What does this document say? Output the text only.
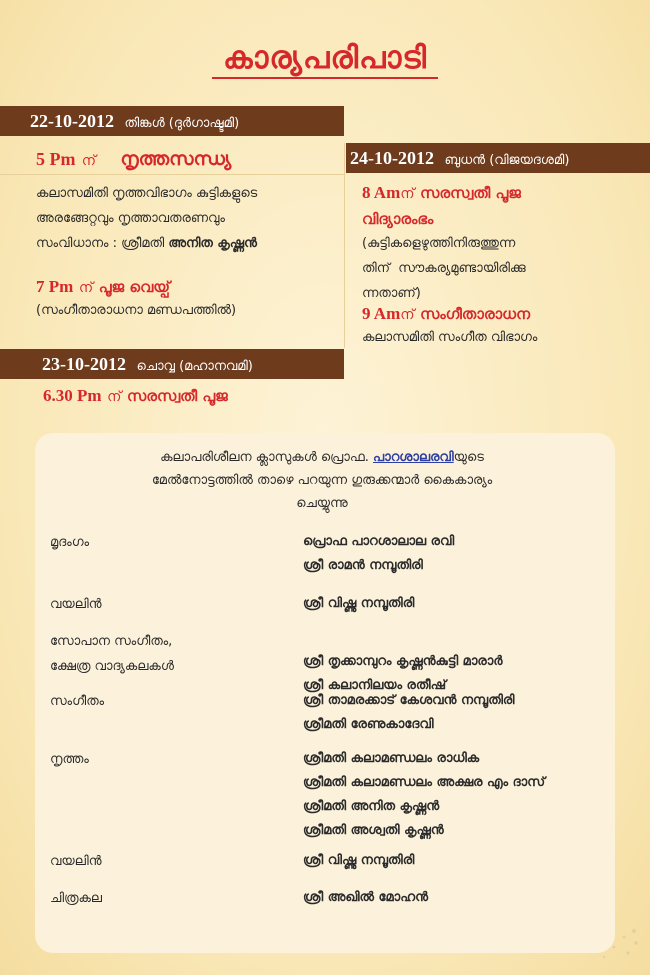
കാര്യപരിപാടി
22-10-2012 തിങ്കൾ (ദുർഗാഷ്ടമി)
5 Pm ന് നൃത്തസന്ധ്യ
കലാസമിതി നൃത്തവിഭാഗം കുട്ടികളുടെ
അരങ്ങേറ്റവും നൃത്താവതരണവും
സംവിധാനം : ശ്രീമതി അനിത കൃഷ്ണൻ
7 Pm ന് പൂജ വെയ്പ്
(സംഗീതാരാധനാ മണ്ഡപത്തിൽ)
23-10-2012 ചൊവ്വ (മഹാനവമി)
6.30 Pm ന് സരസ്വതീ പൂജ
24-10-2012 ബുധൻ (വിജയദശമി)
8 Amന് സരസ്വതീ പൂജ
വിദ്യാരംഭം
(കുട്ടികളെഴുത്തിനിരുത്തുന്ന
തിന്  സൗകര്യമുണ്ടായിരിക്കു
ന്നതാണ്)
9 Amന് സംഗീതാരാധന
കലാസമിതി സംഗീത വിഭാഗം
കലാപരിശീലന ക്ലാസുകൾ പ്രൊഫ. പാറശാലരവിയുടെ
മേൽനോട്ടത്തിൽ താഴെ പറയുന്ന ഗുരുക്കന്മാർ കൈകാര്യം
ചെയ്യുന്നു
മൃദംഗം	പ്രൊഫ പാറശാലാല രവി
ശ്രീ രാമൻ നമ്പൂതിരി
വയലിൻ	ശ്രീ വിഷ്ണു നമ്പൂതിരി
സോപാന സംഗീതം,
ക്ഷേത്ര വാദ്യകലകൾ	ശ്രീ തൃക്കാമ്പുറം കൃഷ്ണൻകുട്ടി മാരാർ
ശ്രീ കലാനിലയം രതീഷ്
സംഗീതം	ശ്രീ താമരക്കാട് കേശവൻ നമ്പൂതിരി
ശ്രീമതി രേണുകാദേവി
നൃത്തം	ശ്രീമതി കലാമണ്ഡലം രാധിക
ശ്രീമതി കലാമണ്ഡലം അക്ഷര എം ദാസ്
ശ്രീമതി അനിത കൃഷ്ണൻ
ശ്രീമതി അശ്വതി കൃഷ്ണൻ
വയലിൻ	ശ്രീ വിഷ്ണു നമ്പൂതിരി
ചിത്രകല	ശ്രീ അഖിൽ മോഹൻ
